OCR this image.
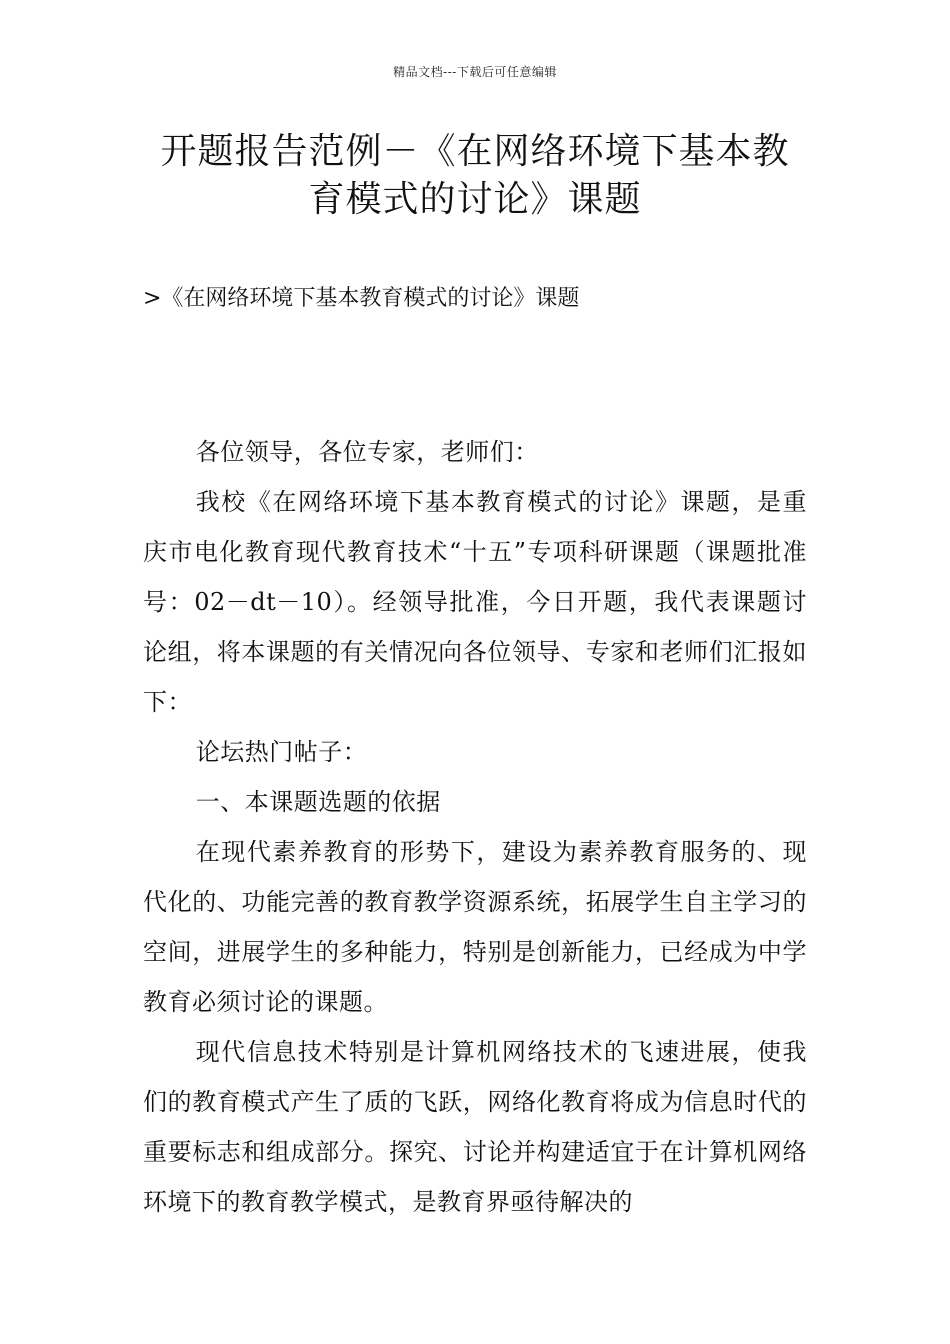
精品文档---下载后可任意编辑
开题报告范例－《在网络环境下基本教
育模式的讨论》课题
>《在网络环境下基本教育模式的讨论》课题

各位领导，各位专家，老师们：

我校《在网络环境下基本教育模式的讨论》课题，是重庆市电化教育现代教育技术“十五”专项科研课题（课题批准号：02－dt－10）。经领导批准，今日开题，我代表课题讨论组，将本课题的有关情况向各位领导、专家和老师们汇报如下：

论坛热门帖子：

一、本课题选题的依据

在现代素养教育的形势下，建设为素养教育服务的、现代化的、功能完善的教育教学资源系统，拓展学生自主学习的空间，进展学生的多种能力，特别是创新能力，已经成为中学教育必须讨论的课题。

现代信息技术特别是计算机网络技术的飞速进展，使我们的教育模式产生了质的飞跃，网络化教育将成为信息时代的重要标志和组成部分。探究、讨论并构建适宜于在计算机网络环境下的教育教学模式，是教育界亟待解决的
